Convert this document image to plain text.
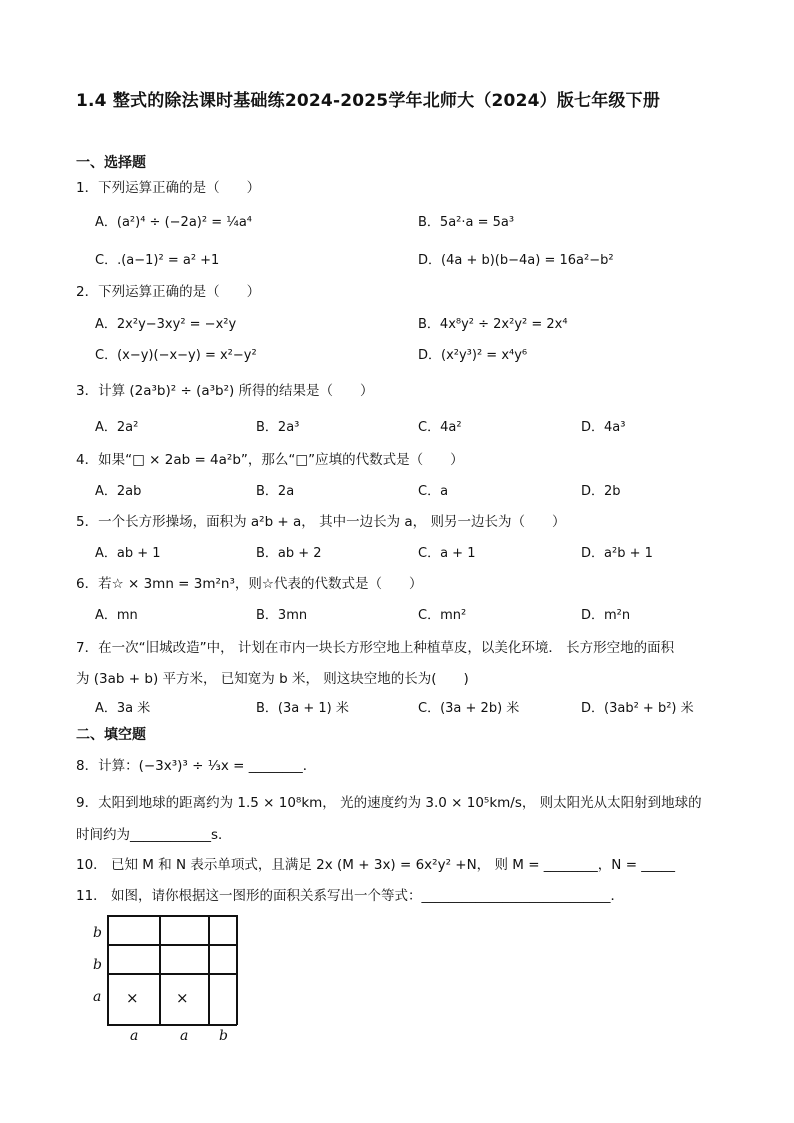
1.4 整式的除法课时基础练2024-2025学年北师大（2024）版七年级下册
一、选择题
1．下列运算正确的是（　　）
A．(a²)⁴ ÷ (−2a)² = ¼a⁴	B．5a²·a = 5a³
C．.(a−1)² = a² +1	D．(4a + b)(b−4a) = 16a²−b²
2．下列运算正确的是（　　）
A．2x²y−3xy² = −x²y	B．4x⁸y² ÷ 2x²y² = 2x⁴
C．(x−y)(−x−y) = x²−y²	D．(x²y³)² = x⁴y⁶
3．计算 (2a³b)² ÷ (a³b²) 所得的结果是（　　）
A．2a²	B．2a³	C．4a²	D．4a³
4．如果“□ × 2ab = 4a²b”，那么“□”应填的代数式是（　　）
A．2ab	B．2a	C．a	D．2b
5．一个长方形操场，面积为 a²b + a， 其中一边长为 a， 则另一边长为（　　）
A．ab + 1	B．ab + 2	C．a + 1	D．a²b + 1
6．若☆ × 3mn = 3m²n³，则☆代表的代数式是（　　）
A．mn	B．3mn	C．mn²	D．m²n
7．在一次“旧城改造”中， 计划在市内一块长方形空地上种植草皮，以美化环境． 长方形空地的面积
为 (3ab + b) 平方米， 已知宽为 b 米， 则这块空地的长为(　　)
A．3a 米	B．(3a + 1) 米	C．(3a + 2b) 米	D．(3ab² + b²) 米
二、填空题
8．计算：(−3x³)³ ÷ ⅓x = ________．
9．太阳到地球的距离约为 1.5 × 10⁸km， 光的速度约为 3.0 × 10⁵km/s， 则太阳光从太阳射到地球的
时间约为____________s．
10． 已知 M 和 N 表示单项式，且满足 2x (M + 3x) = 6x²y² +N， 则 M = ________，N = _____
11． 如图，请你根据这一图形的面积关系写出一个等式：____________________________．
b
b
a
a	a b
× ×
